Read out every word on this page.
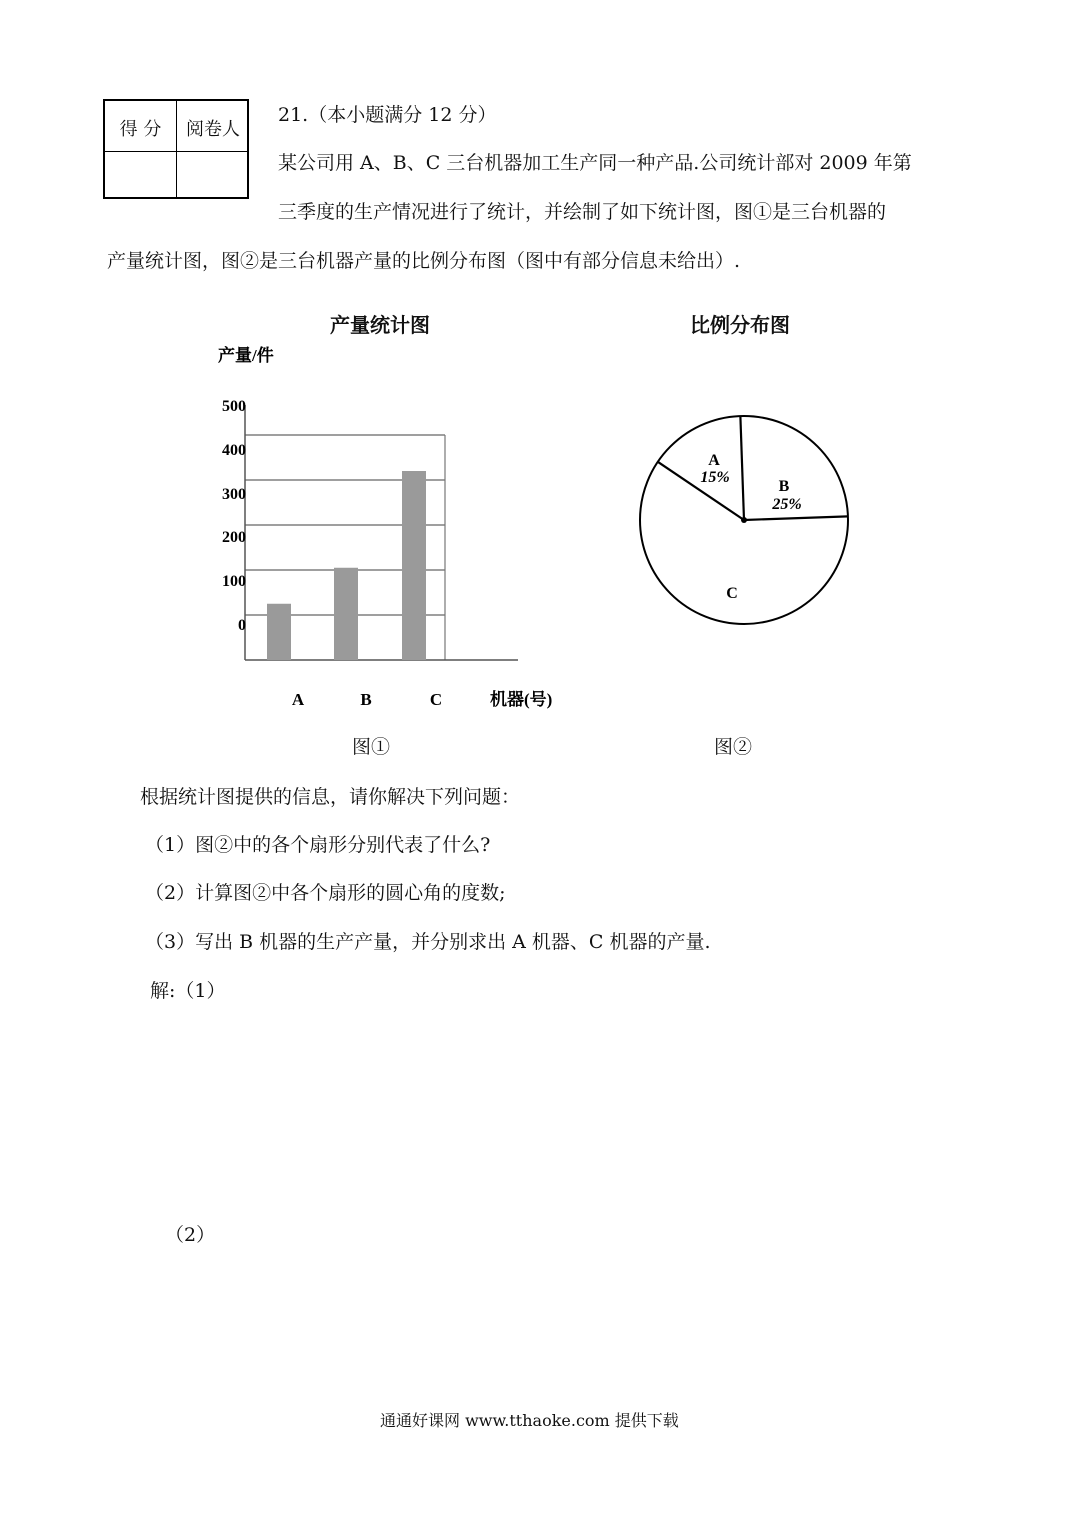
得 分	阅卷人
21.（本小题满分 12 分）
某公司用 A、B、C 三台机器加工生产同一种产品.公司统计部对 2009 年第
三季度的生产情况进行了统计，并绘制了如下统计图，图①是三台机器的
产量统计图，图②是三台机器产量的比例分布图（图中有部分信息未给出）.
产量统计图	比例分布图
500
400
300
200
100
0
A	B	C
产量/件
机器(号)
A
15%
B
25%
C
图①	图②
根据统计图提供的信息，请你解决下列问题：
（1）图②中的各个扇形分别代表了什么?
（2）计算图②中各个扇形的圆心角的度数;
（3）写出 B 机器的生产产量，并分别求出 A 机器、C 机器的产量.
解:（1）
（2）
通通好课网 www.tthaoke.com 提供下载
